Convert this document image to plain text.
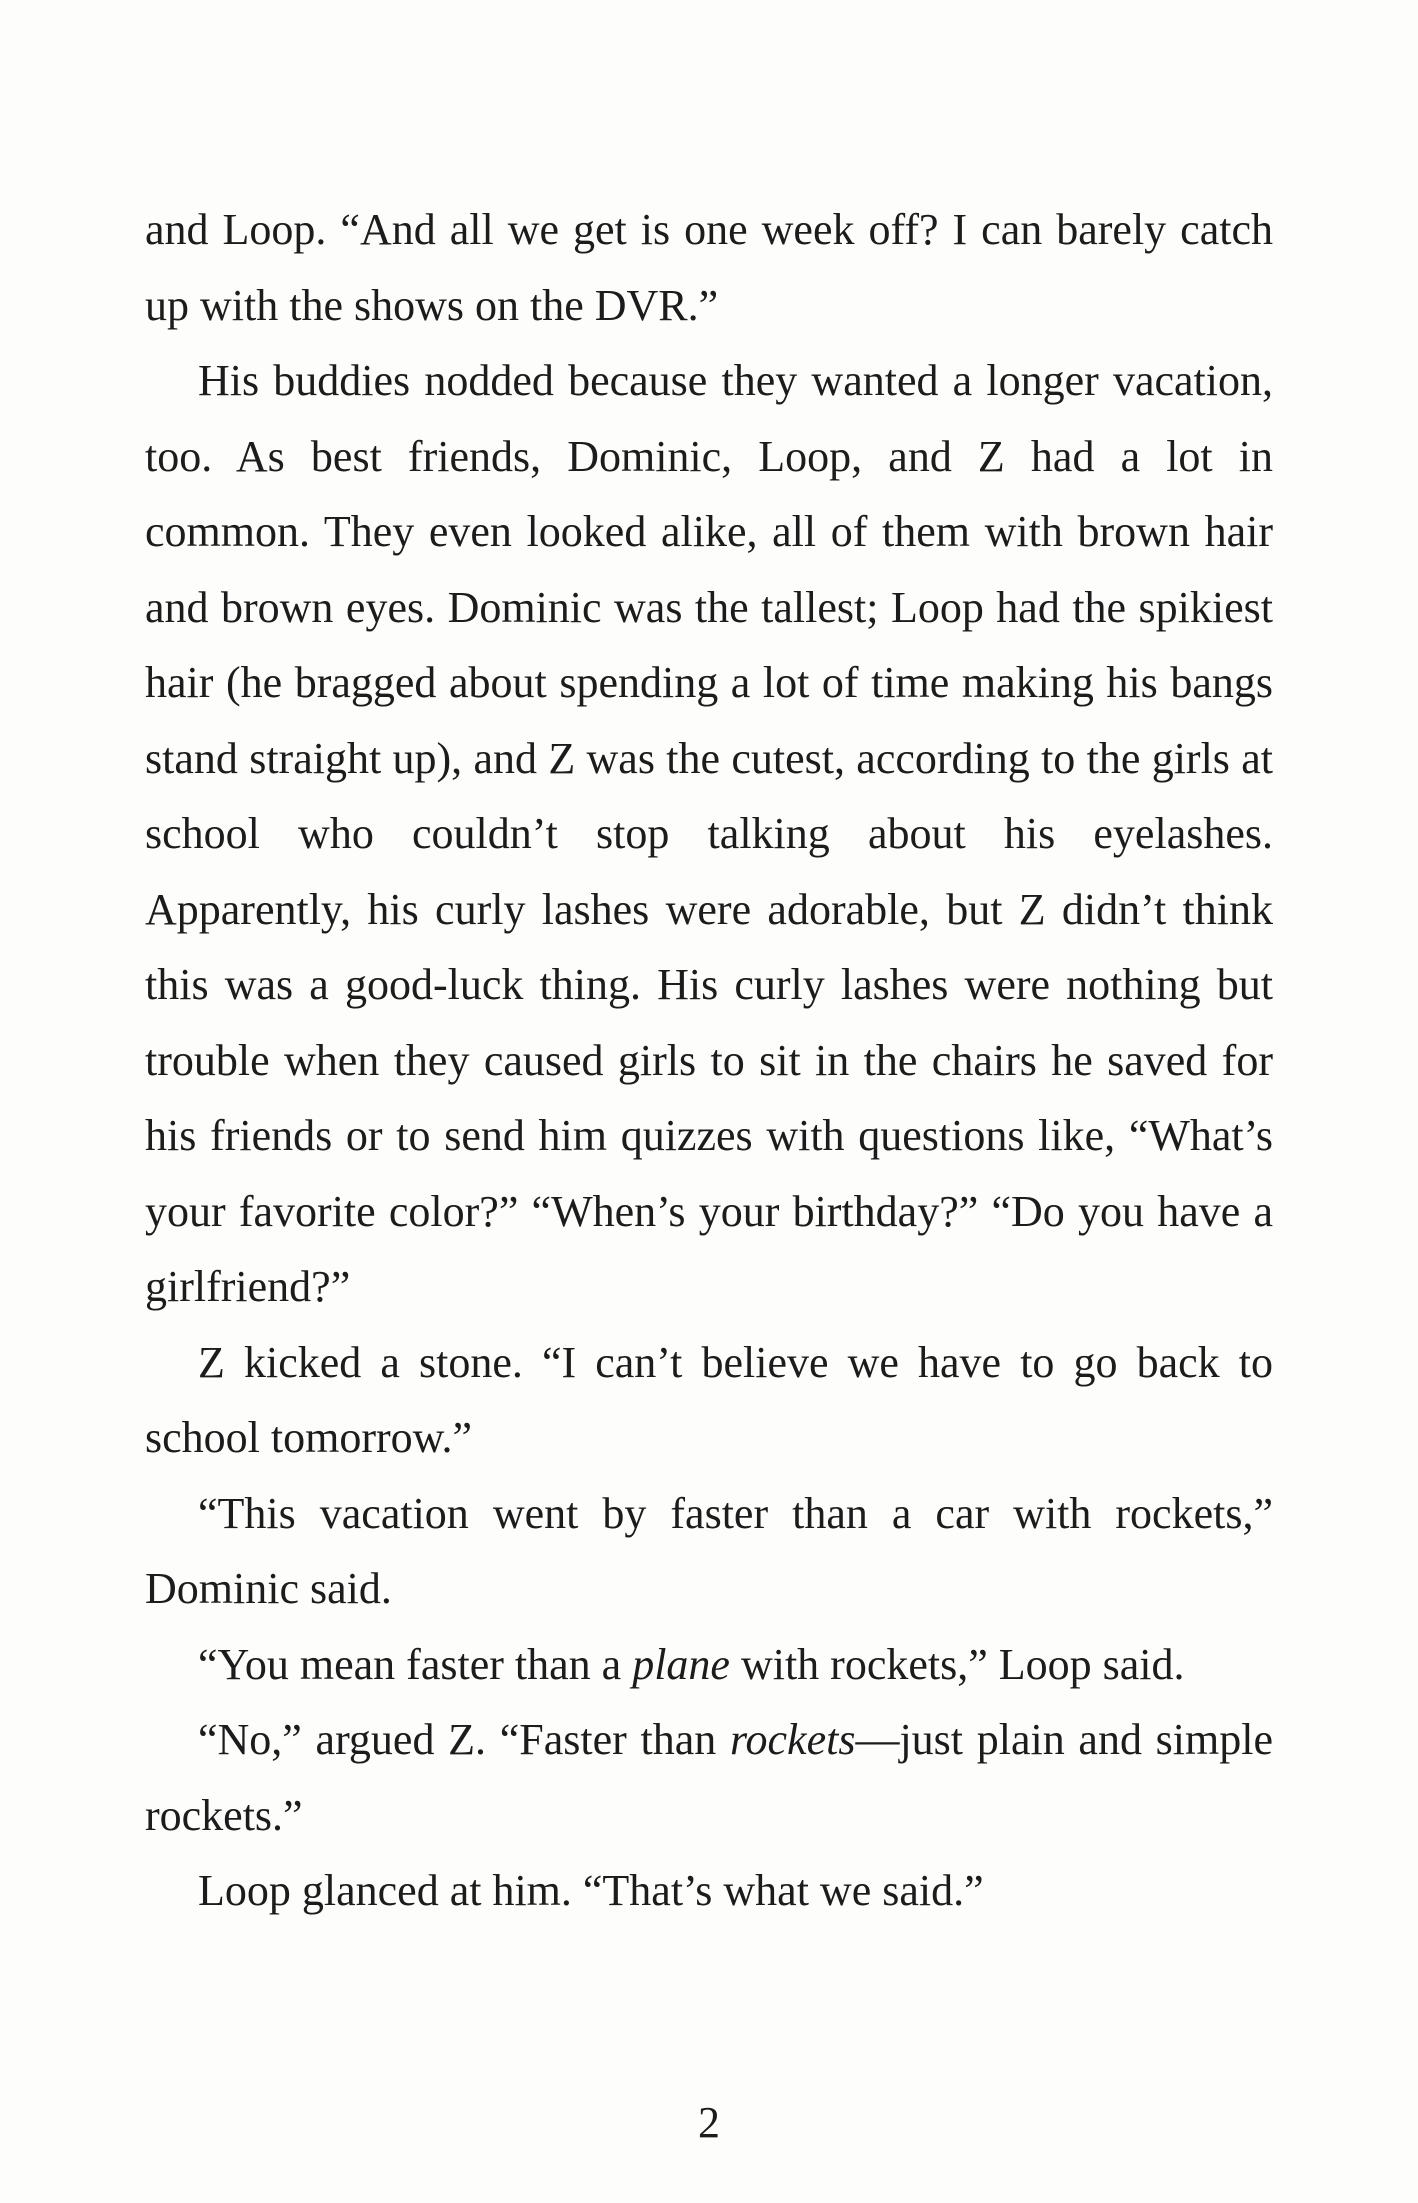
and Loop. “And all we get is one week off? I can barely catch up with the shows on the DVR.”

His buddies nodded because they wanted a longer vacation, too. As best friends, Dominic, Loop, and Z had a lot in common. They even looked alike, all of them with brown hair and brown eyes. Dominic was the tallest; Loop had the spikiest hair (he bragged about spending a lot of time making his bangs stand straight up), and Z was the cutest, according to the girls at school who couldn’t stop talking about his eyelashes. Apparently, his curly lashes were adorable, but Z didn’t think this was a good-luck thing. His curly lashes were nothing but trouble when they caused girls to sit in the chairs he saved for his friends or to send him quizzes with questions like, “What’s your favorite color?” “When’s your birthday?” “Do you have a girlfriend?”

Z kicked a stone. “I can’t believe we have to go back to school tomorrow.”

“This vacation went by faster than a car with rockets,” Dominic said.

“You mean faster than a plane with rockets,” Loop said.

“No,” argued Z. “Faster than rockets—just plain and simple rockets.”

Loop glanced at him. “That’s what we said.”

2
